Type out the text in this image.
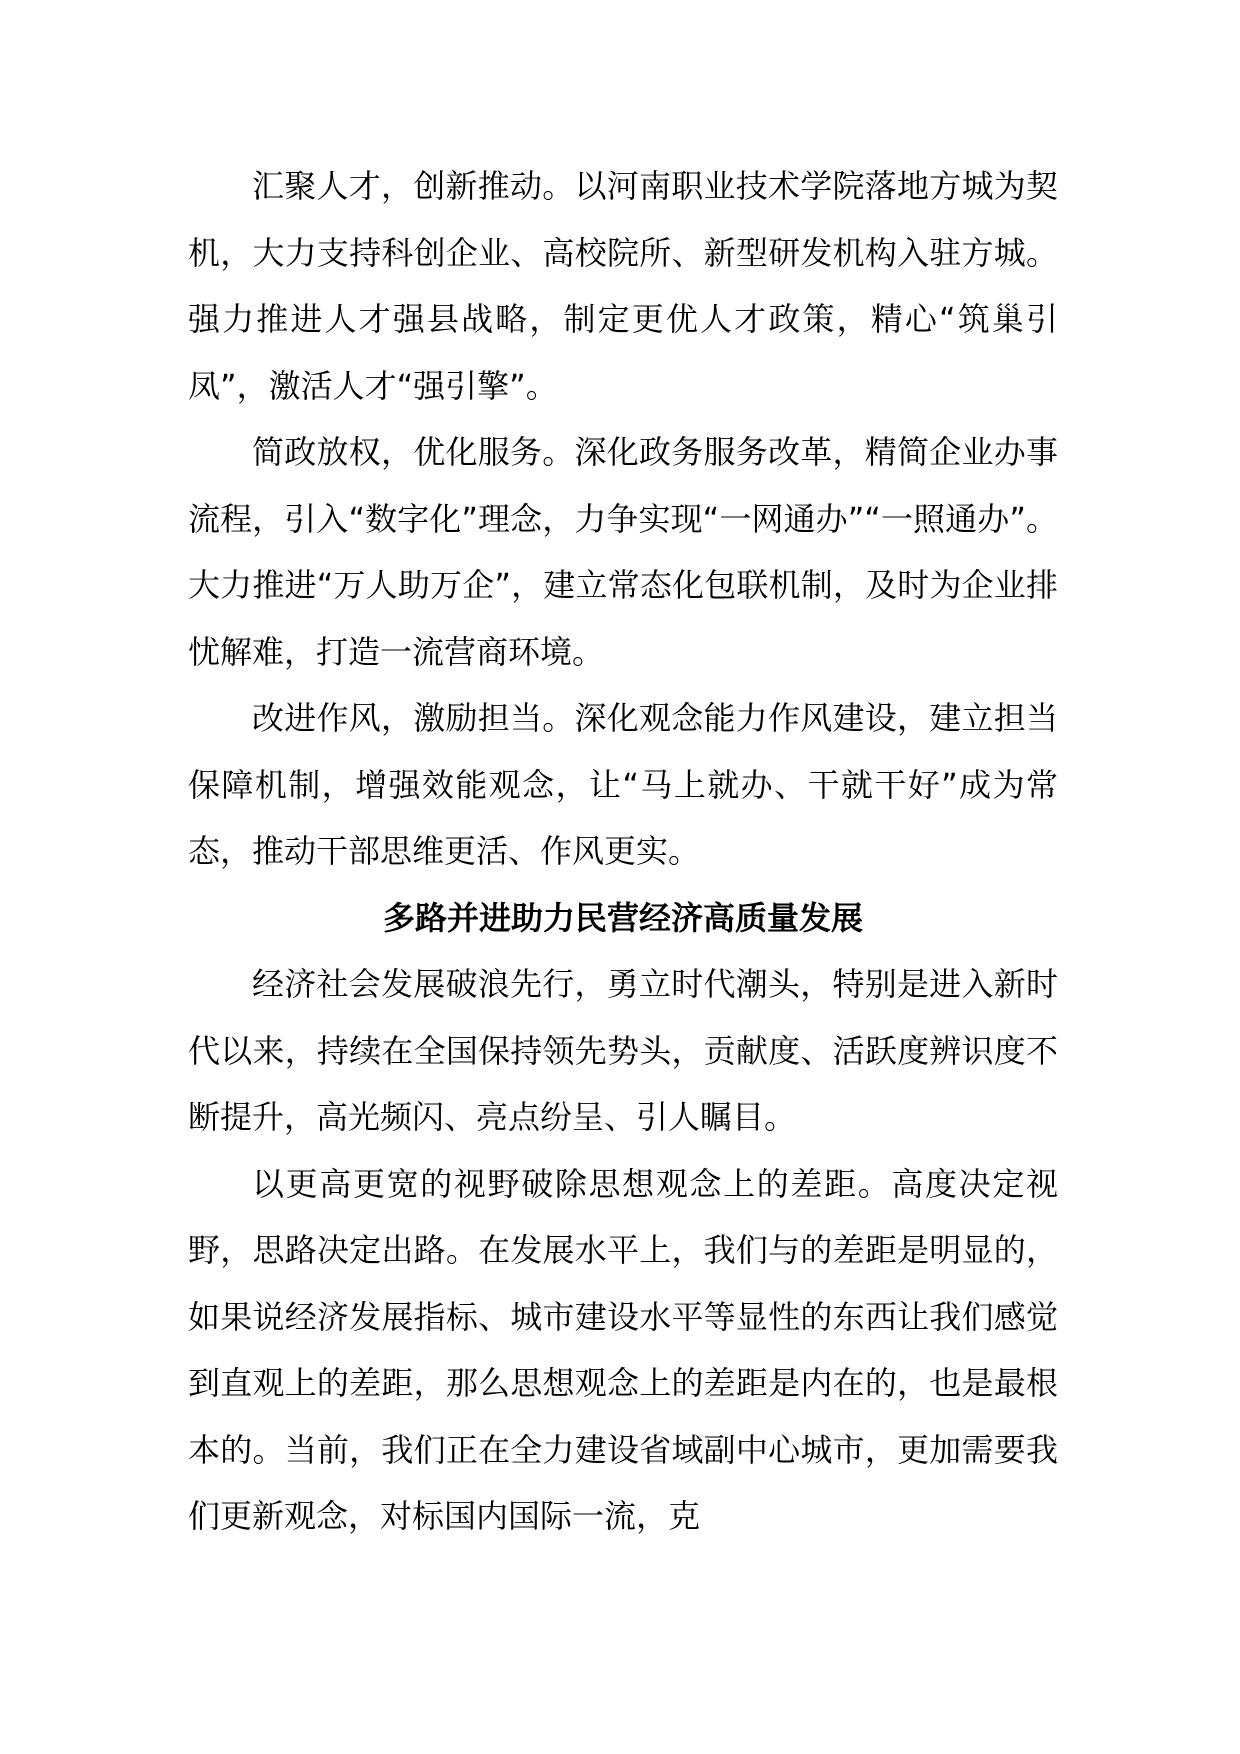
汇聚人才，创新推动。以河南职业技术学院落地方城为契机，大力支持科创企业、高校院所、新型研发机构入驻方城。强力推进人才强县战略，制定更优人才政策，精心“筑巢引凤”，激活人才“强引擎”。

简政放权，优化服务。深化政务服务改革，精简企业办事流程，引入“数字化”理念，力争实现“一网通办”“一照通办”。大力推进“万人助万企”，建立常态化包联机制，及时为企业排忧解难，打造一流营商环境。

改进作风，激励担当。深化观念能力作风建设，建立担当保障机制，增强效能观念，让“马上就办、干就干好”成为常态，推动干部思维更活、作风更实。

多路并进助力民营经济高质量发展

经济社会发展破浪先行，勇立时代潮头，特别是进入新时代以来，持续在全国保持领先势头，贡献度、活跃度辨识度不断提升，高光频闪、亮点纷呈、引人瞩目。

以更高更宽的视野破除思想观念上的差距。高度决定视野，思路决定出路。在发展水平上，我们与的差距是明显的，如果说经济发展指标、城市建设水平等显性的东西让我们感觉到直观上的差距，那么思想观念上的差距是内在的，也是最根本的。当前，我们正在全力建设省域副中心城市，更加需要我们更新观念，对标国内国际一流，克
